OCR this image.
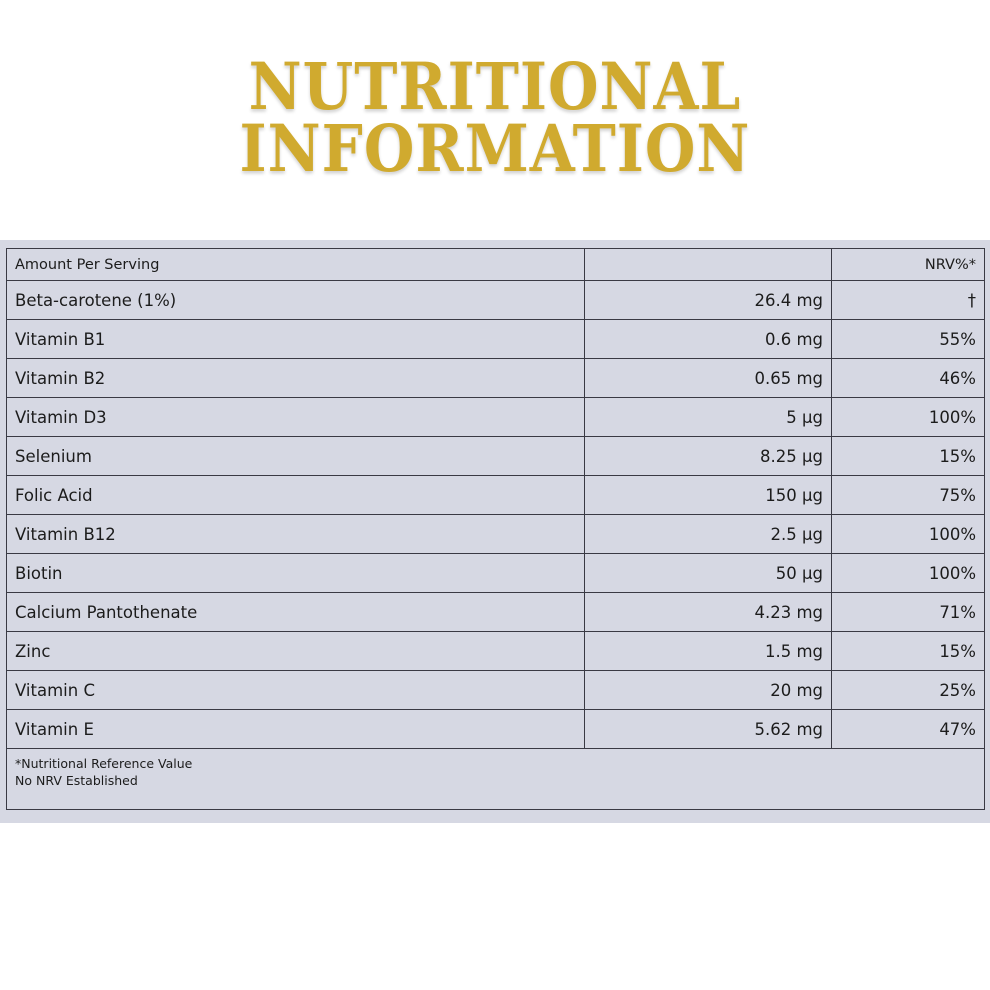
NUTRITIONAL
INFORMATION
Amount Per Serving		NRV%*
Beta-carotene (1%)	26.4 mg	†
Vitamin B1	0.6 mg	55%
Vitamin B2	0.65 mg	46%
Vitamin D3	5 µg	100%
Selenium	8.25 µg	15%
Folic Acid	150 µg	75%
Vitamin B12	2.5 µg	100%
Biotin	50 µg	100%
Calcium Pantothenate	4.23 mg	71%
Zinc	1.5 mg	15%
Vitamin C	20 mg	25%
Vitamin E	5.62 mg	47%

*Nutritional Reference Value
No NRV Established		
